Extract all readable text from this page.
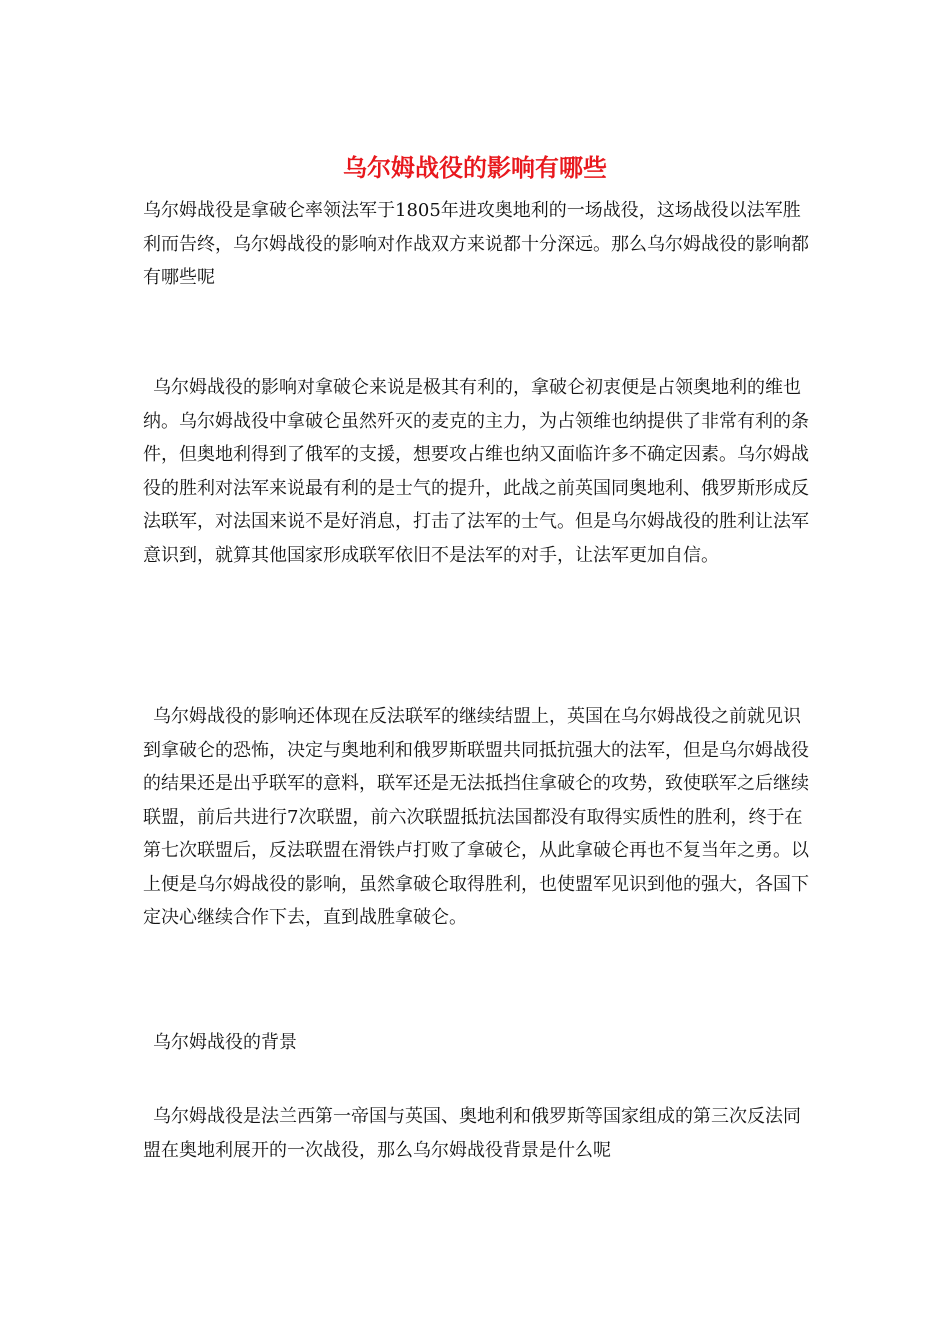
乌尔姆战役的影响有哪些

乌尔姆战役是拿破仑率领法军于1805年进攻奥地利的一场战役，这场战役以法军胜利而告终，乌尔姆战役的影响对作战双方来说都十分深远。那么乌尔姆战役的影响都有哪些呢

乌尔姆战役的影响对拿破仑来说是极其有利的，拿破仑初衷便是占领奥地利的维也纳。乌尔姆战役中拿破仑虽然歼灭的麦克的主力，为占领维也纳提供了非常有利的条件，但奥地利得到了俄军的支援，想要攻占维也纳又面临许多不确定因素。乌尔姆战役的胜利对法军来说最有利的是士气的提升，此战之前英国同奥地利、俄罗斯形成反法联军，对法国来说不是好消息，打击了法军的士气。但是乌尔姆战役的胜利让法军意识到，就算其他国家形成联军依旧不是法军的对手，让法军更加自信。

乌尔姆战役的影响还体现在反法联军的继续结盟上，英国在乌尔姆战役之前就见识到拿破仑的恐怖，决定与奥地利和俄罗斯联盟共同抵抗强大的法军，但是乌尔姆战役的结果还是出乎联军的意料，联军还是无法抵挡住拿破仑的攻势，致使联军之后继续联盟，前后共进行7次联盟，前六次联盟抵抗法国都没有取得实质性的胜利，终于在第七次联盟后，反法联盟在滑铁卢打败了拿破仑，从此拿破仑再也不复当年之勇。以上便是乌尔姆战役的影响，虽然拿破仑取得胜利，也使盟军见识到他的强大，各国下定决心继续合作下去，直到战胜拿破仑。

乌尔姆战役的背景

乌尔姆战役是法兰西第一帝国与英国、奥地利和俄罗斯等国家组成的第三次反法同盟在奥地利展开的一次战役，那么乌尔姆战役背景是什么呢
